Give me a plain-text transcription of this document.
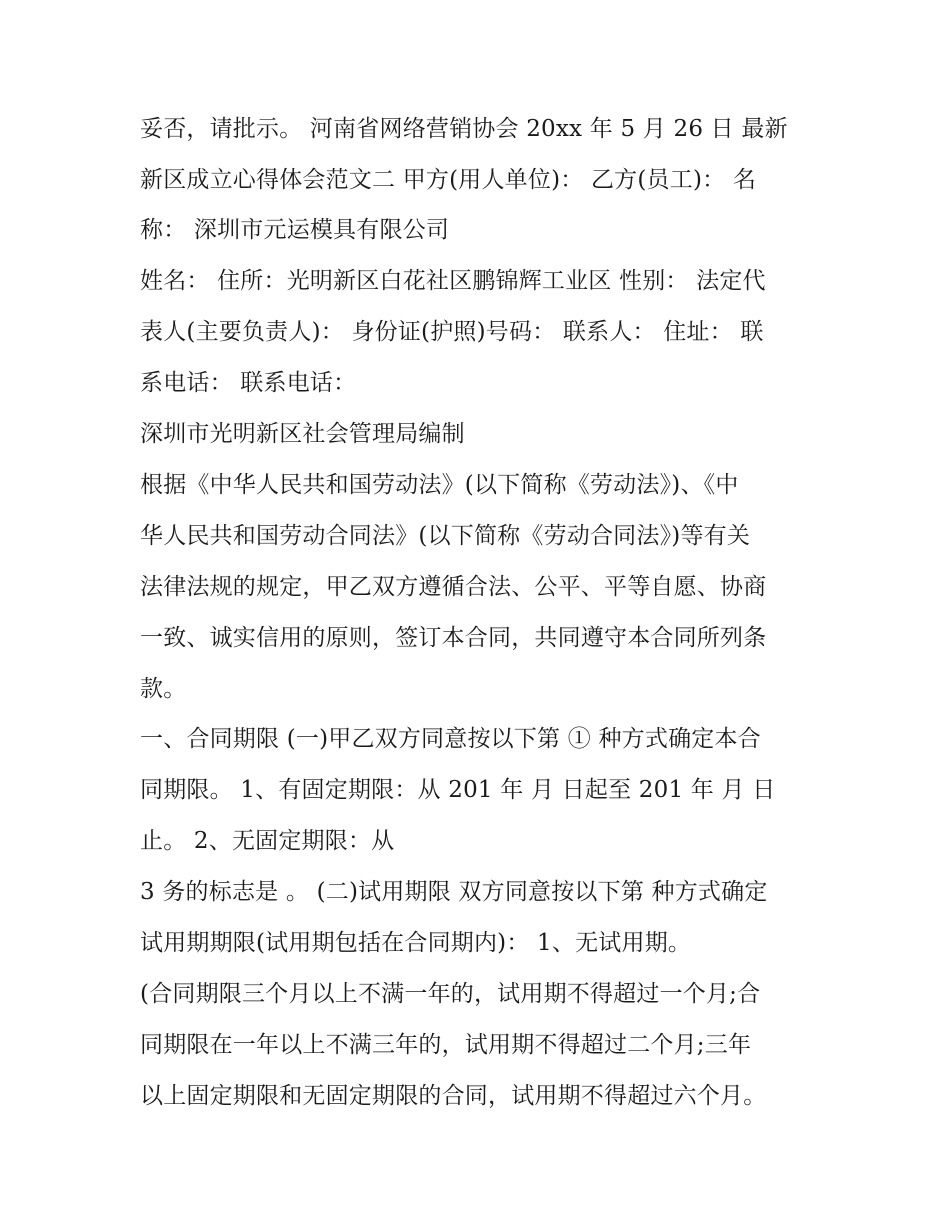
妥否，请批示。 河南省网络营销协会 20xx 年 5 月 26 日 最新
新区成立心得体会范文二 甲方(用人单位)： 乙方(员工)： 名
称： 深圳市元运模具有限公司
姓名： 住所：光明新区白花社区鹏锦辉工业区 性别： 法定代
表人(主要负责人)： 身份证(护照)号码： 联系人： 住址： 联
系电话： 联系电话：
深圳市光明新区社会管理局编制
根据《中华人民共和国劳动法》(以下简称《劳动法》)、《中
华人民共和国劳动合同法》(以下简称《劳动合同法》)等有关
法律法规的规定，甲乙双方遵循合法、公平、平等自愿、协商
一致、诚实信用的原则，签订本合同，共同遵守本合同所列条
款。
一、合同期限 (一)甲乙双方同意按以下第 ① 种方式确定本合
同期限。 1、有固定期限：从 201 年 月 日起至 201 年 月 日
止。 2、无固定期限：从
3 务的标志是 。 (二)试用期限 双方同意按以下第 种方式确定
试用期期限(试用期包括在合同期内)： 1、无试用期。
(合同期限三个月以上不满一年的，试用期不得超过一个月;合
同期限在一年以上不满三年的，试用期不得超过二个月;三年
以上固定期限和无固定期限的合同，试用期不得超过六个月。
